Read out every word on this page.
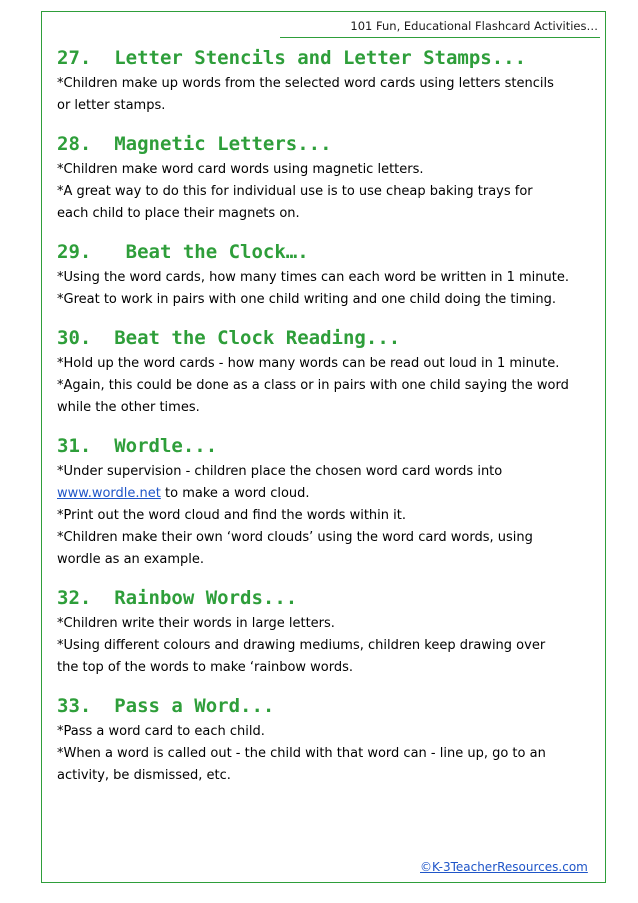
101 Fun, Educational Flashcard Activities…
27. Letter Stencils and Letter Stamps...

*Children make up words from the selected word cards using letters stencils

or letter stamps.

28. Magnetic Letters...

*Children make word card words using magnetic letters.

*A great way to do this for individual use is to use cheap baking trays for

each child to place their magnets on.

29.   Beat the Clock….

*Using the word cards, how many times can each word be written in 1 minute.

*Great to work in pairs with one child writing and one child doing the timing.

30. Beat the Clock Reading...

*Hold up the word cards - how many words can be read out loud in 1 minute.

*Again, this could be done as a class or in pairs with one child saying the word

while the other times.

31. Wordle...

*Under supervision - children place the chosen word card words into

www.wordle.net to make a word cloud.

*Print out the word cloud and find the words within it.

*Children make their own ‘word clouds’ using the word card words, using

wordle as an example.

32. Rainbow Words...

*Children write their words in large letters.

*Using different colours and drawing mediums, children keep drawing over

the top of the words to make ‘rainbow words.

33. Pass a Word...

*Pass a word card to each child.

*When a word is called out - the child with that word can - line up, go to an

activity, be dismissed, etc.

©K-3TeacherResources.com
